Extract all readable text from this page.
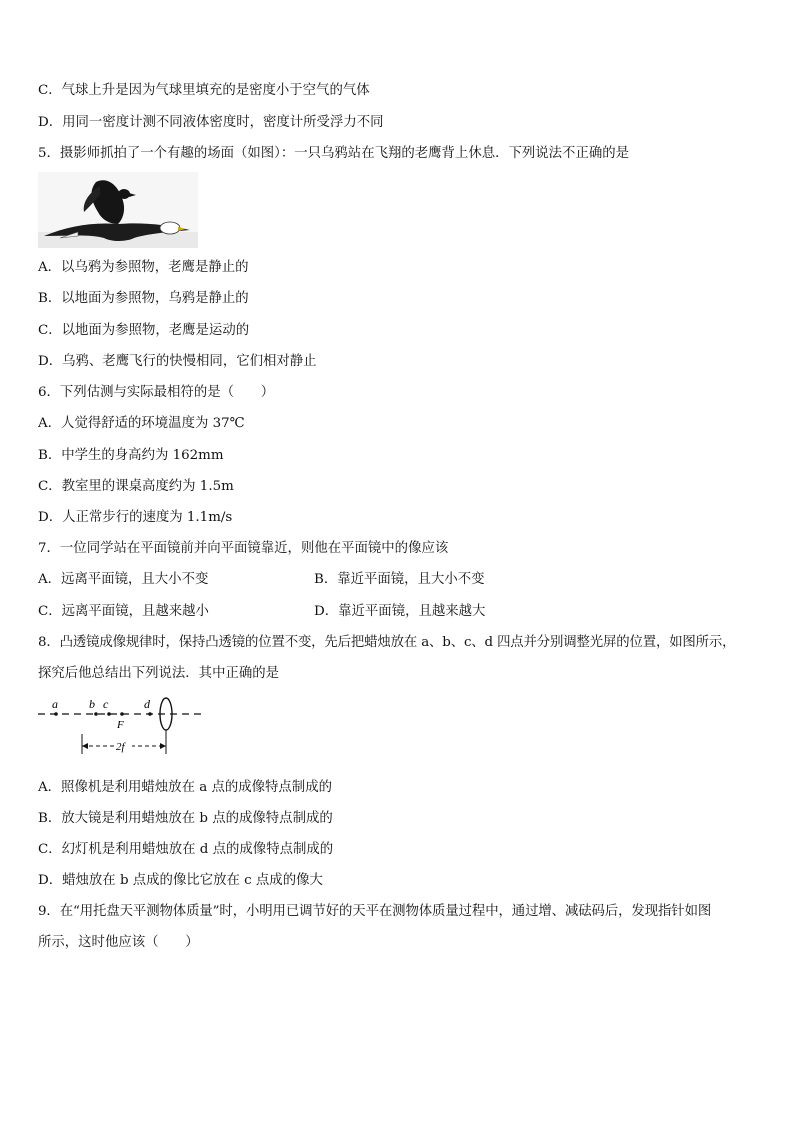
C．气球上升是因为气球里填充的是密度小于空气的气体
D．用同一密度计测不同液体密度时，密度计所受浮力不同
5．摄影师抓拍了一个有趣的场面（如图）：一只乌鸦站在飞翔的老鹰背上休息．下列说法不正确的是
A．以乌鸦为参照物，老鹰是静止的
B．以地面为参照物，乌鸦是静止的
C．以地面为参照物，老鹰是运动的
D．乌鸦、老鹰飞行的快慢相同，它们相对静止
6．下列估测与实际最相符的是（　　）
A．人觉得舒适的环境温度为 37℃
B．中学生的身高约为 162mm
C．教室里的课桌高度约为 1.5m
D．人正常步行的速度为 1.1m/s
7．一位同学站在平面镜前并向平面镜靠近，则他在平面镜中的像应该
A．远离平面镜，且大小不变	B．靠近平面镜，且大小不变
C．远离平面镜，且越来越小	D．靠近平面镜，且越来越大
8．凸透镜成像规律时，保持凸透镜的位置不变，先后把蜡烛放在 a、b、c、d 四点并分别调整光屏的位置，如图所示，
探究后他总结出下列说法．其中正确的是
a	b c	d
F
2f
A．照像机是利用蜡烛放在 a 点的成像特点制成的
B．放大镜是利用蜡烛放在 b 点的成像特点制成的
C．幻灯机是利用蜡烛放在 d 点的成像特点制成的
D．蜡烛放在 b 点成的像比它放在 c 点成的像大
9．在“用托盘天平测物体质量”时，小明用已调节好的天平在测物体质量过程中，通过增、减砝码后，发现指针如图
所示，这时他应该（　　）
